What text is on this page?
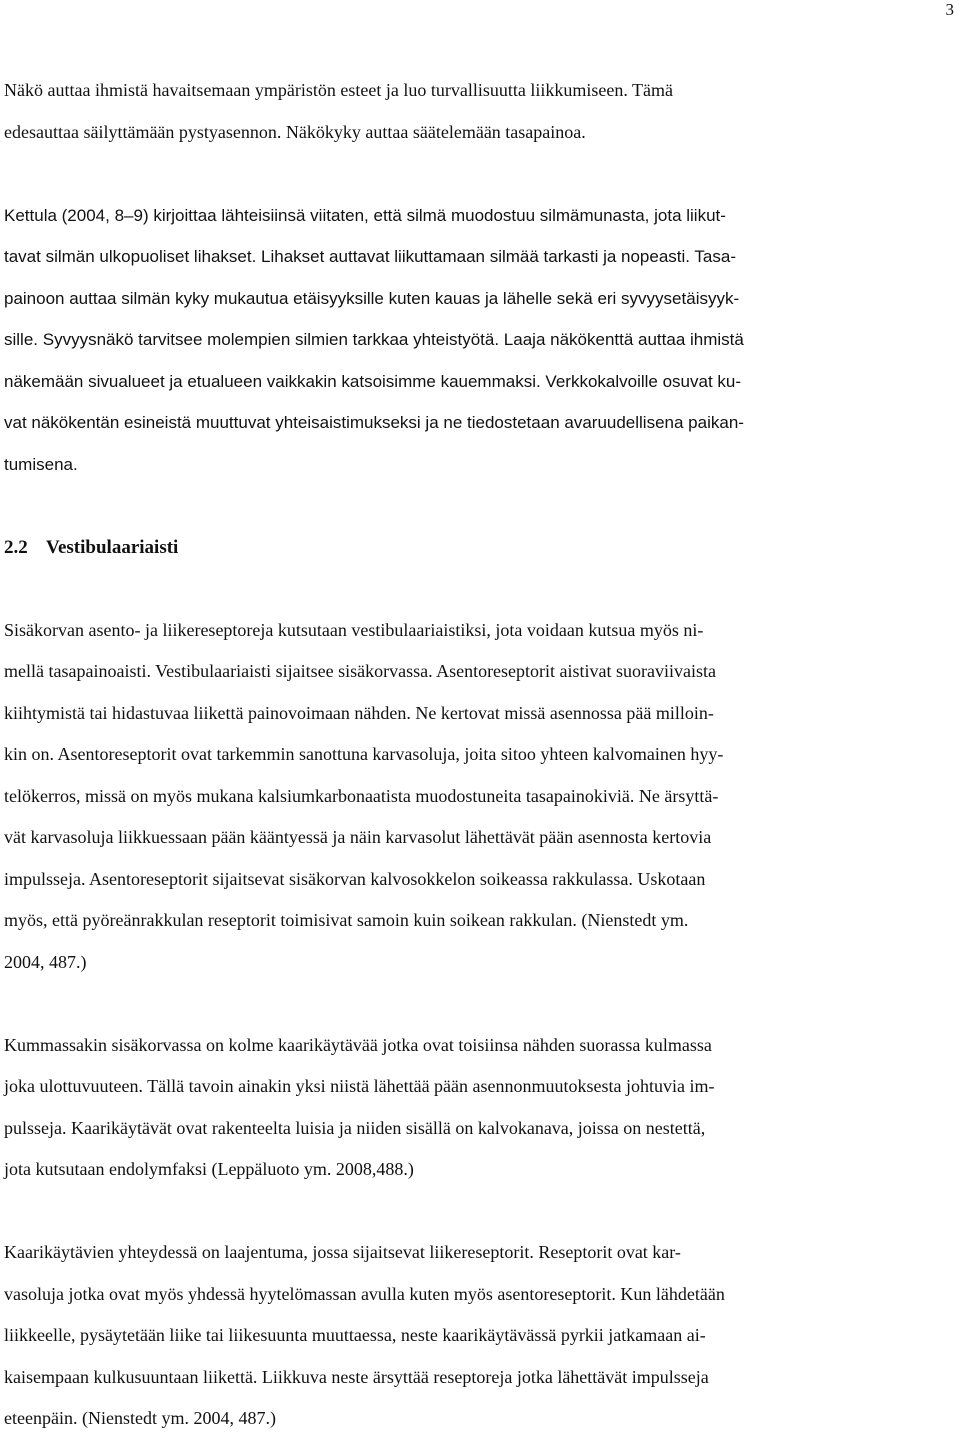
3

Näkö auttaa ihmistä havaitsemaan ympäristön esteet ja luo turvallisuutta liikkumiseen. Tämä
edesauttaa säilyttämään pystyasennon. Näkökyky auttaa säätelemään tasapainoa.

Kettula (2004, 8–9) kirjoittaa lähteisiinsä viitaten, että silmä muodostuu silmämunasta, jota liikut-
tavat silmän ulkopuoliset lihakset. Lihakset auttavat liikuttamaan silmää tarkasti ja nopeasti. Tasa-
painoon auttaa silmän kyky mukautua etäisyyksille kuten kauas ja lähelle sekä eri syvyysetäisyyk-
sille. Syvyysnäkö tarvitsee molempien silmien tarkkaa yhteistyötä. Laaja näkökenttä auttaa ihmistä
näkemään sivualueet ja etualueen vaikkakin katsoisimme kauemmaksi. Verkkokalvoille osuvat ku-
vat näkökentän esineistä muuttuvat yhteisaistimukseksi ja ne tiedostetaan avaruudellisena paikan-
tumisena.

2.2 Vestibulaariaisti

Sisäkorvan asento- ja liikereseptoreja kutsutaan vestibulaariaistiksi, jota voidaan kutsua myös ni-
mellä tasapainoaisti. Vestibulaariaisti sijaitsee sisäkorvassa. Asentoreseptorit aistivat suoraviivaista
kiihtymistä tai hidastuvaa liikettä painovoimaan nähden. Ne kertovat missä asennossa pää milloin-
kin on. Asentoreseptorit ovat tarkemmin sanottuna karvasoluja, joita sitoo yhteen kalvomainen hyy-
telökerros, missä on myös mukana kalsiumkarbonaatista muodostuneita tasapainokiviä. Ne ärsyttä-
vät karvasoluja liikkuessaan pään kääntyessä ja näin karvasolut lähettävät pään asennosta kertovia
impulsseja. Asentoreseptorit sijaitsevat sisäkorvan kalvosokkelon soikeassa rakkulassa. Uskotaan
myös, että pyöreänrakkulan reseptorit toimisivat samoin kuin soikean rakkulan. (Nienstedt ym.
2004, 487.)

Kummassakin sisäkorvassa on kolme kaarikäytävää jotka ovat toisiinsa nähden suorassa kulmassa
joka ulottuvuuteen. Tällä tavoin ainakin yksi niistä lähettää pään asennonmuutoksesta johtuvia im-
pulsseja. Kaarikäytävät ovat rakenteelta luisia ja niiden sisällä on kalvokanava, joissa on nestettä,
jota kutsutaan endolymfaksi (Leppäluoto ym. 2008,488.)

Kaarikäytävien yhteydessä on laajentuma, jossa sijaitsevat liikereseptorit. Reseptorit ovat kar-
vasoluja jotka ovat myös yhdessä hyytelömassan avulla kuten myös asentoreseptorit. Kun lähdetään
liikkeelle, pysäytetään liike tai liikesuunta muuttaessa, neste kaarikäytävässä pyrkii jatkamaan ai-
kaisempaan kulkusuuntaan liikettä. Liikkuva neste ärsyttää reseptoreja jotka lähettävät impulsseja
eteenpäin. (Nienstedt ym. 2004, 487.)
